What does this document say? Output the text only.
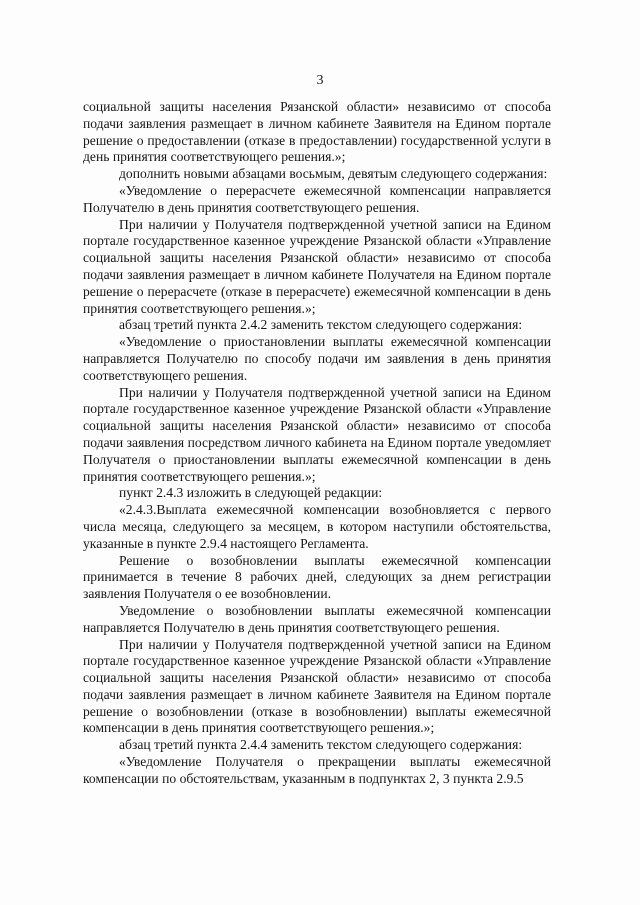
3

социальной защиты населения Рязанской области» независимо от способа подачи заявления размещает в личном кабинете Заявителя на Едином портале решение о предоставлении (отказе в предоставлении) государственной услуги в день принятия соответствующего решения.»;

дополнить новыми абзацами восьмым, девятым следующего содержания:

«Уведомление о перерасчете ежемесячной компенсации направляется Получателю в день принятия соответствующего решения.

При наличии у Получателя подтвержденной учетной записи на Едином портале государственное казенное учреждение Рязанской области «Управление социальной защиты населения Рязанской области» независимо от способа подачи заявления размещает в личном кабинете Получателя на Едином портале решение о перерасчете (отказе в перерасчете) ежемесячной компенсации в день принятия соответствующего решения.»;

абзац третий пункта 2.4.2 заменить текстом следующего содержания:

«Уведомление о приостановлении выплаты ежемесячной компенсации направляется Получателю по способу подачи им заявления в день принятия соответствующего решения.

При наличии у Получателя подтвержденной учетной записи на Едином портале государственное казенное учреждение Рязанской области «Управление социальной защиты населения Рязанской области» независимо от способа подачи заявления посредством личного кабинета на Едином портале уведомляет Получателя о приостановлении выплаты ежемесячной компенсации в день принятия соответствующего решения.»;

пункт 2.4.3 изложить в следующей редакции:

«2.4.3.Выплата ежемесячной компенсации возобновляется с первого числа месяца, следующего за месяцем, в котором наступили обстоятельства, указанные в пункте 2.9.4 настоящего Регламента.

Решение о возобновлении выплаты ежемесячной компенсации принимается в течение 8 рабочих дней, следующих за днем регистрации заявления Получателя о ее возобновлении.

Уведомление о возобновлении выплаты ежемесячной компенсации направляется Получателю в день принятия соответствующего решения.

При наличии у Получателя подтвержденной учетной записи на Едином портале государственное казенное учреждение Рязанской области «Управление социальной защиты населения Рязанской области» независимо от способа подачи заявления размещает в личном кабинете Заявителя на Едином портале решение о возобновлении (отказе в возобновлении) выплаты ежемесячной компенсации в день принятия соответствующего решения.»;

абзац третий пункта 2.4.4 заменить текстом следующего содержания:

«Уведомление Получателя о прекращении выплаты ежемесячной компенсации по обстоятельствам, указанным в подпунктах 2, 3 пункта 2.9.5
